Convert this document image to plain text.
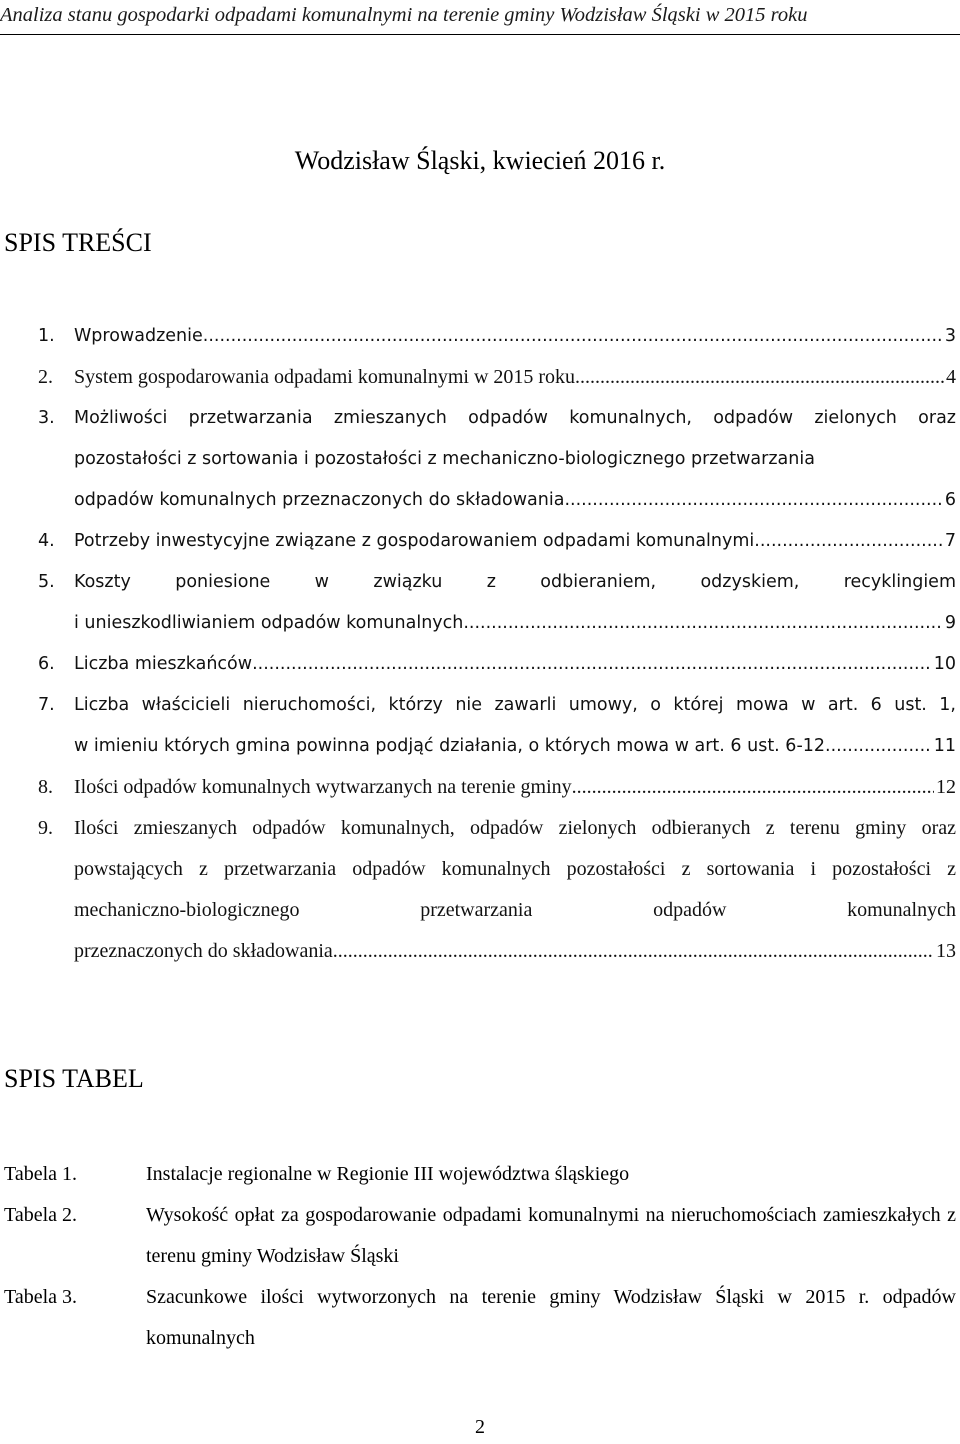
Analiza stanu gospodarki odpadami komunalnymi na terenie gminy Wodzisław Śląski w 2015 roku
Wodzisław Śląski, kwiecień 2016 r.
SPIS TREŚCI
1.	Wprowadzenie .....	3
2.	System gospodarowania odpadami komunalnymi w 2015 roku. .....	4
3.	Możliwości przetwarzania zmieszanych odpadów komunalnych, odpadów zielonych oraz pozostałości z sortowania i pozostałości z mechaniczno-biologicznego przetwarzania
odpadów komunalnych przeznaczonych do składowania .....	6
4.	Potrzeby inwestycyjne związane z gospodarowaniem odpadami komunalnymi .....	7
5.	Koszty poniesione w związku z odbieraniem, odzyskiem, recyklingiem
i unieszkodliwianiem odpadów komunalnych .....	9
6.	Liczba mieszkańców .....	10
7.	Liczba właścicieli nieruchomości, którzy nie zawarli umowy, o której mowa w art. 6 ust. 1,
w imieniu których gmina powinna podjąć działania, o których mowa w art. 6 ust. 6-12 .....	11
8.	Ilości odpadów komunalnych wytwarzanych na terenie gminy .....	12
9.	Ilości zmieszanych odpadów komunalnych, odpadów zielonych odbieranych z terenu gminy oraz powstających z przetwarzania odpadów komunalnych pozostałości z sortowania i pozostałości z mechaniczno-biologicznego przetwarzania odpadów komunalnych
przeznaczonych do składowania .....	13
SPIS TABEL
Tabela 1.	Instalacje regionalne w Regionie III województwa śląskiego
Tabela 2.	Wysokość opłat za gospodarowanie odpadami komunalnymi na nieruchomościach zamieszkałych z terenu gminy Wodzisław Śląski
Tabela 3.	Szacunkowe ilości wytworzonych na terenie gminy Wodzisław Śląski w 2015 r. odpadów komunalnych
2
